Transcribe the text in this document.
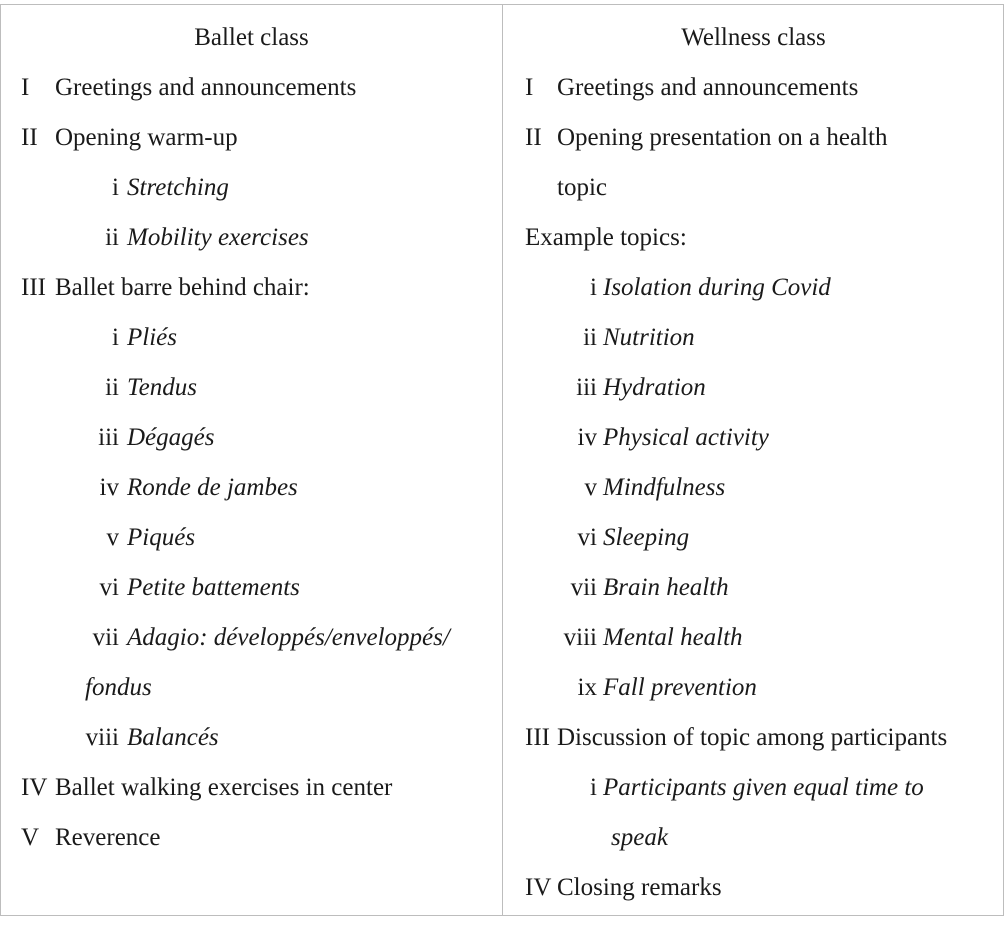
Ballet class
I Greetings and announcements
II Opening warm-up
i Stretching
ii Mobility exercises
III Ballet barre behind chair:
i Pliés
ii Tendus
iii Dégagés
iv Ronde de jambes
v Piqués
vi Petite battements
vii Adagio: développés/enveloppés/
fondus
viii Balancés
IV Ballet walking exercises in center
V Reverence
Wellness class
I Greetings and announcements
II Opening presentation on a health
topic
Example topics:
i Isolation during Covid
ii Nutrition
iii Hydration
iv Physical activity
v Mindfulness
vi Sleeping
vii Brain health
viii Mental health
ix Fall prevention
III Discussion of topic among participants
i Participants given equal time to
speak
IV Closing remarks
